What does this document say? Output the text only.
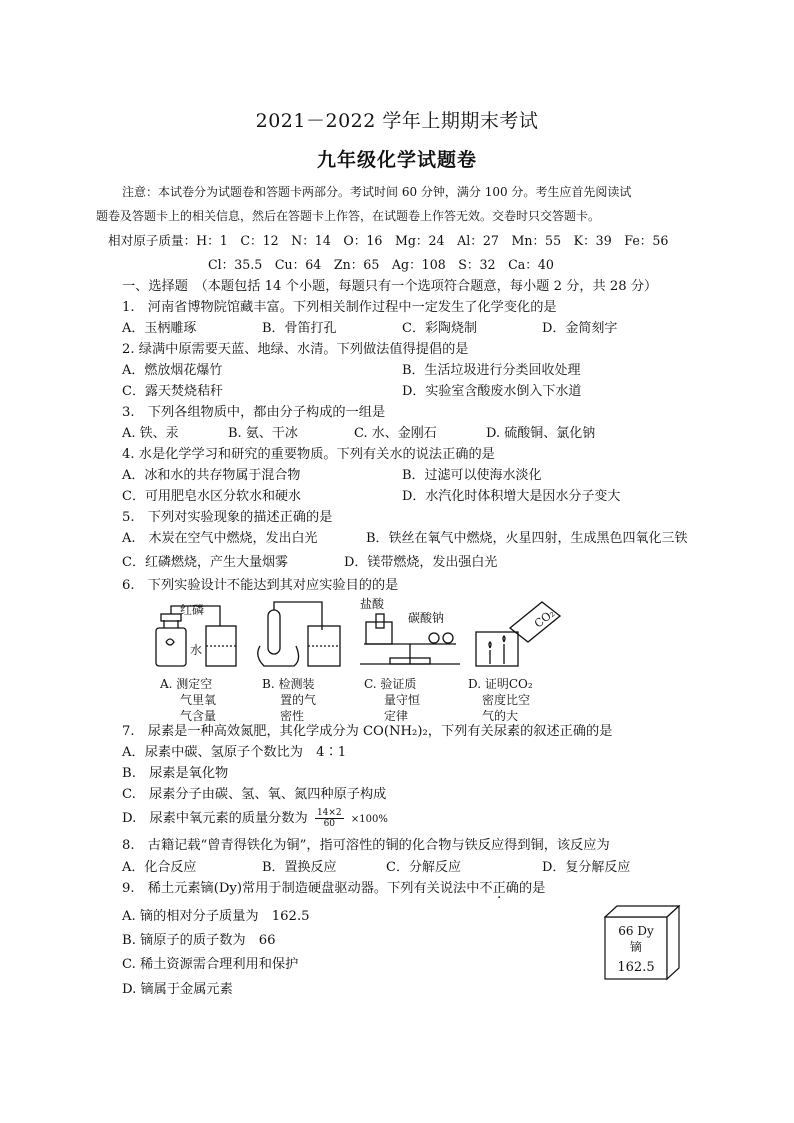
2021－2022 学年上期期末考试
九年级化学试题卷
注意：本试卷分为试题卷和答题卡两部分。考试时间 60 分钟，满分 100 分。考生应首先阅读试
题卷及答题卡上的相关信息，然后在答题卡上作答，在试题卷上作答无效。交卷时只交答题卡。
相对原子质量：H：1　C：12　N：14　O：16　Mg：24　Al：27　Mn：55　K：39　Fe：56
Cl：35.5　Cu：64　Zn：65　Ag：108　S：32　Ca：40
一、选择题　（本题包括 14 个小题，每题只有一个选项符合题意，每小题 2 分，共 28 分）
1.　河南省博物院馆藏丰富。下列相关制作过程中一定发生了化学变化的是
A．玉柄雕琢	B．骨笛打孔	C．彩陶烧制	D．金简刻字
2. 绿满中原需要天蓝、地绿、水清。下列做法值得提倡的是
A．燃放烟花爆竹	B．生活垃圾进行分类回收处理
C．露天焚烧秸秆	D．实验室含酸废水倒入下水道
3.　下列各组物质中，都由分子构成的一组是
A. 铁、汞	B. 氨、干冰	C. 水、金刚石	D. 硫酸铜、氯化钠
4. 水是化学学习和研究的重要物质。下列有关水的说法正确的是
A．冰和水的共存物属于混合物	B．过滤可以使海水淡化
C．可用肥皂水区分软水和硬水	D．水汽化时体积增大是因水分子变大
5.　下列对实验现象的描述正确的是
A.　木炭在空气中燃烧，发出白光	B．铁丝在氧气中燃烧，火星四射，生成黑色四氧化三铁
C．红磷燃烧，产生大量烟雾	D．镁带燃烧，发出强白光
6.　下列实验设计不能达到其对应实验目的的是
红磷
水
盐酸
碳酸钠	CO₂
A. 测定空
气里氧
气含量
B. 检测装
置的气
密性
C. 验证质
量守恒
定律
D. 证明CO₂
密度比空
气的大
7.　尿素是一种高效氮肥，其化学成分为 CO(NH₂)₂，下列有关尿素的叙述正确的是
A．尿素中碳、氢原子个数比为　4∶1
B.　尿素是氧化物
C.　尿素分子由碳、氢、氧、氮四种原子构成
D.　尿素中氧元素的质量分数为 $\frac{14\times 2}{60} \times 100\%$
8.　古籍记载“曾青得铁化为铜”，指可溶性的铜的化合物与铁反应得到铜，该反应为
A．化合反应	B．置换反应	C．分解反应	D．复分解反应
9.　稀土元素镝(Dy)常用于制造硬盘驱动器。下列有关说法中不正确的是
A. 镝的相对分子质量为　162.5
B. 镝原子的质子数为　66
C. 稀土资源需合理利用和保护
D. 镝属于金属元素
66 Dy
镝
162.5
